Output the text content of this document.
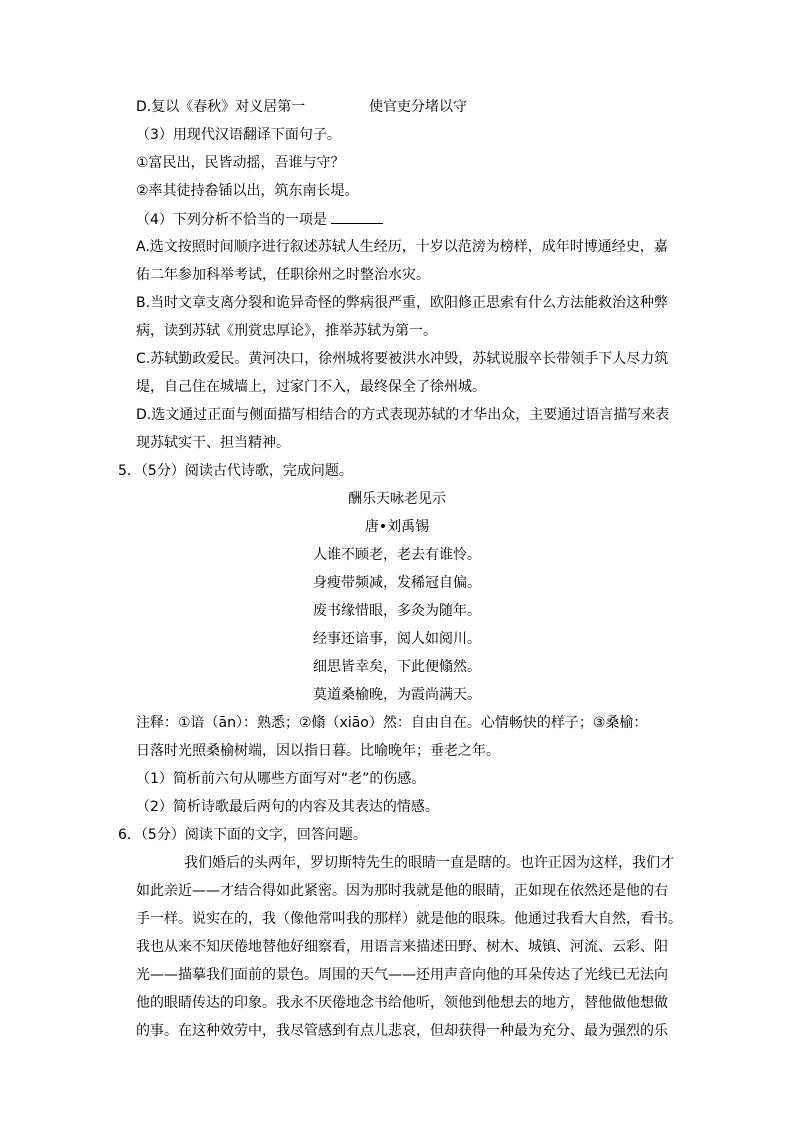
D.复以《春秋》对义居第一	使官吏分堵以守
（3）用现代汉语翻译下面句子。
①富民出，民皆动摇，吾谁与守？
②率其徒持畚锸以出，筑东南长堤。
（4）下列分析不恰当的一项是
A.选文按照时间顺序进行叙述苏轼人生经历，十岁以范滂为榜样，成年时博通经史，嘉
佑二年参加科举考试，任职徐州之时整治水灾。
B.当时文章支离分裂和诡异奇怪的弊病很严重，欧阳修正思索有什么方法能救治这种弊
病，读到苏轼《刑赏忠厚论》，推举苏轼为第一。
C.苏轼勤政爱民。黄河决口，徐州城将要被洪水冲毁，苏轼说服卒长带领手下人尽力筑
堤，自己住在城墙上，过家门不入，最终保全了徐州城。
D.选文通过正面与侧面描写相结合的方式表现苏轼的才华出众，主要通过语言描写来表
现苏轼实干、担当精神。
5．（5分）阅读古代诗歌，完成问题。
酬乐天咏老见示
唐•刘禹锡
人谁不顾老，老去有谁怜。
身瘦带频减，发稀冠自偏。
废书缘惜眼，多灸为随年。
经事还谙事，阅人如阅川。
细思皆幸矣，下此便翛然。
莫道桑榆晚，为霞尚满天。
注释：①谙（ān）：熟悉；②翛（xiāo）然：自由自在。心情畅快的样子；③桑榆：
日落时光照桑榆树端，因以指日暮。比喻晚年；垂老之年。
（1）简析前六句从哪些方面写对“老”的伤感。
（2）简析诗歌最后两句的内容及其表达的情感。
6．（5分）阅读下面的文字，回答问题。
我们婚后的头两年，罗切斯特先生的眼睛一直是瞎的。也许正因为这样，我们才
如此亲近——才结合得如此紧密。因为那时我就是他的眼睛，正如现在依然还是他的右
手一样。说实在的，我（像他常叫我的那样）就是他的眼珠。他通过我看大自然，看书。
我也从来不知厌倦地替他好细察看，用语言来描述田野、树木、城镇、河流、云彩、阳
光——描摹我们面前的景色。周围的天气——还用声音向他的耳朵传达了光线已无法向
他的眼睛传达的印象。我永不厌倦地念书给他听，领他到他想去的地方，替他做他想做
的事。在这种效劳中，我尽管感到有点儿悲哀，但却获得一种最为充分、最为强烈的乐
